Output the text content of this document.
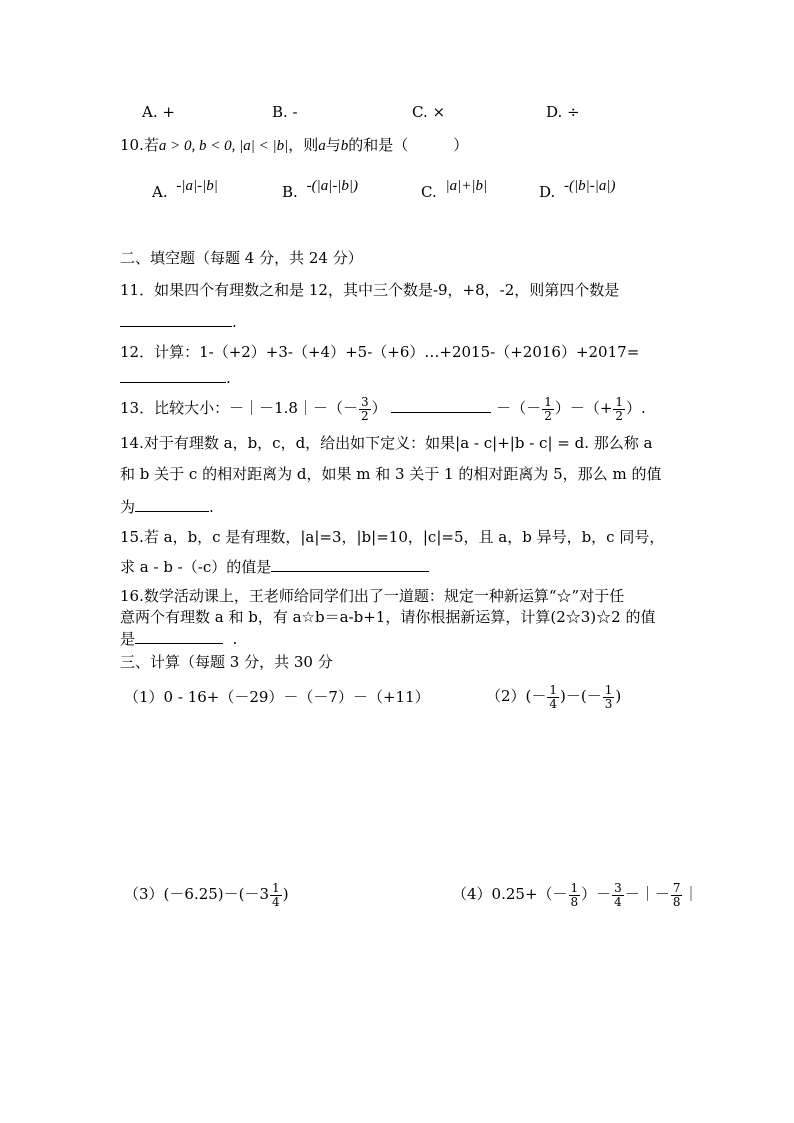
A. +	B. -	C. ×	D. ÷
10.若a > 0, b < 0, |a| < |b|，则a与b的和是（　　　）
A. -|a|-|b|	B. -(|a|-|b|)	C. |a|+|b|	D. -(|b|-|a|)
二、填空题（每题 4 分，共 24 分）
11．如果四个有理数之和是 12，其中三个数是-9，+8，-2，则第四个数是
.
12．计算：1-（+2）+3-（+4）+5-（+6）…+2015-（+2016）+2017=
.
13．比较大小：－｜－1.8｜－（－ $\frac{3}{2}$ ）	－（－ $\frac{1}{2}$ ）－（+ $\frac{1}{2}$ ）.
14.对于有理数 a，b，c，d，给出如下定义：如果|a - c|+|b - c| = d. 那么称 a
和 b 关于 c 的相对距离为 d，如果 m 和 3 关于 1 的相对距离为 5，那么 m 的值
为	.
15.若 a，b，c 是有理数，|a|=3，|b|=10，|c|=5，且 a，b 异号，b，c 同号，
求 a - b -（-c）的值是
16.数学活动课上，王老师给同学们出了一道题：规定一种新运算“☆”对于任
意两个有理数 a 和 b，有 a☆b＝a-b+1，请你根据新运算，计算(2☆3)☆2 的值
是	.
三、计算（每题 3 分，共 30 分
（1）0 - 16+（－29）－（－7）－（+11）	$(2)(- \frac{1}{4}$ )－(－ $\frac{1}{3}$ )
$(3)(-6.25)-(-3 \frac{1}{4}$ )	$(4)0.25+(- \frac{1}{8}$ ）－ $\frac{3}{4}$ －｜－ $\frac{7}{8}$ ｜
